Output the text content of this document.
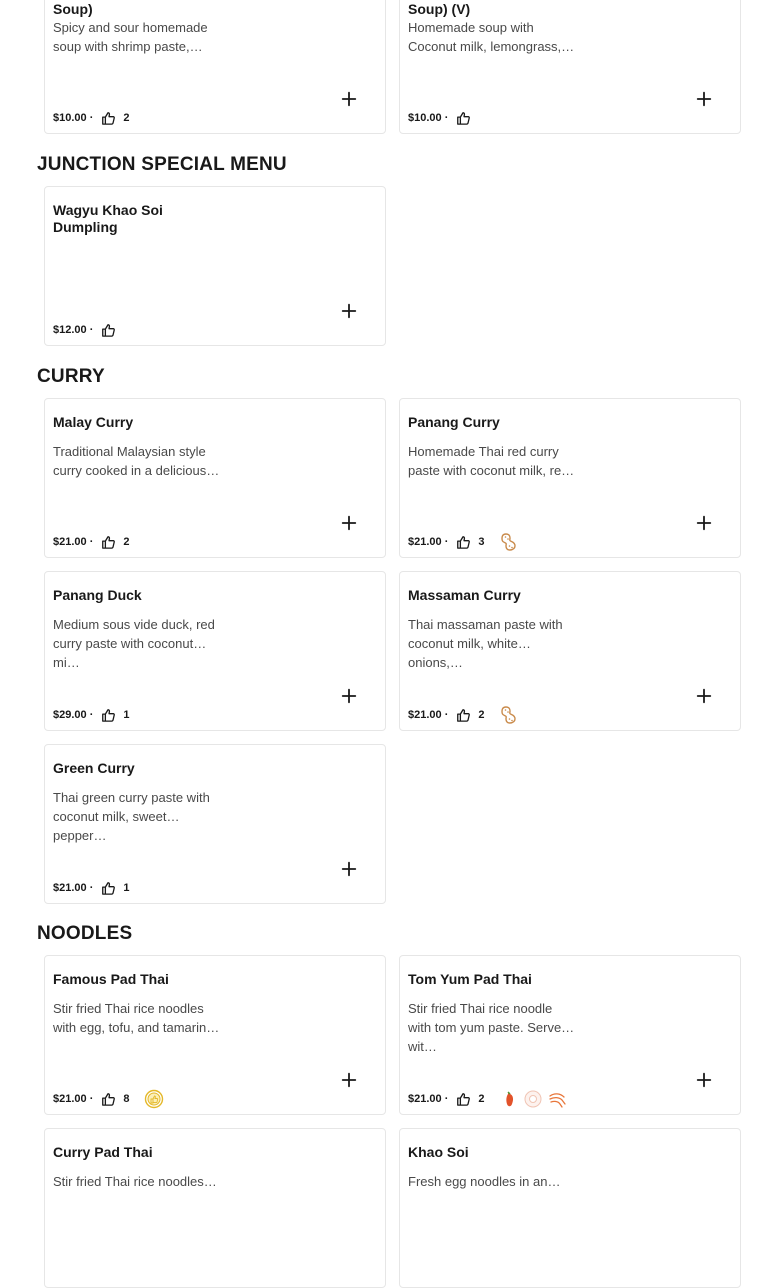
Soup)
Spicy and sour homemade soup with shrimp paste,…
$10.00 ·	2
Soup) (V)
Homemade soup with Coconut milk, lemongrass,…
$10.00 ·
JUNCTION SPECIAL MENU
Wagyu Khao Soi Dumpling
$12.00 ·
CURRY
Malay Curry
Traditional Malaysian style curry cooked in a delicious…
$21.00 ·	2
Panang Curry
Homemade Thai red curry paste with coconut milk, re…
$21.00 ·	3
Panang Duck
Medium sous vide duck, red curry paste with coconut mi…
$29.00 ·	1
Massaman Curry
Thai massaman paste with coconut milk, white onions,…
$21.00 ·	2
Green Curry
Thai green curry paste with coconut milk, sweet pepper…
$21.00 ·	1
NOODLES
Famous Pad Thai
Stir fried Thai rice noodles with egg, tofu, and tamarin…
$21.00 ·	8
Tom Yum Pad Thai
Stir fried Thai rice noodle with tom yum paste. Served wit…
$21.00 ·	2
Curry Pad Thai
Stir fried Thai rice noodles…
Khao Soi
Fresh egg noodles in an…
